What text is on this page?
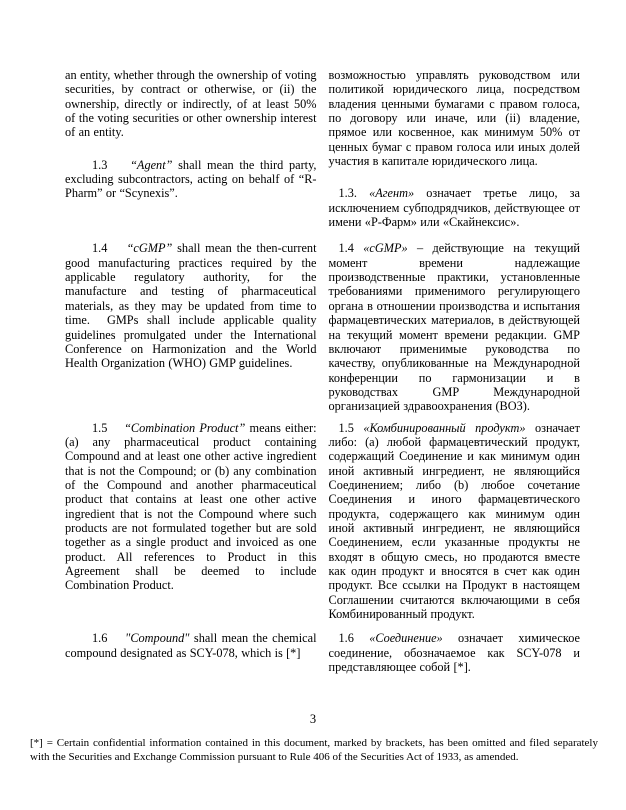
an entity, whether through the ownership of voting securities, by contract or otherwise, or (ii) the ownership, directly or indirectly, of at least 50% of the voting securities or other ownership interest of an entity.

1.3    “Agent” shall mean the third party, excluding subcontractors, acting on behalf of “R-Pharm” or “Scynexis”.

возможностью управлять руководством или политикой юридического лица, посредством владения ценными бумагами с правом голоса, по договору или иначе, или (ii) владение, прямое или косвенное, как минимум 50% от ценных бумаг с правом голоса или иных долей участия в капитале юридического лица.

1.3. «Агент» означает третье лицо, за исключением субподрядчиков, действующее от имени «Р-Фарм» или «Скайнексис».

1.4    “cGMP” shall mean the then-current good manufacturing practices required by the applicable regulatory authority, for the manufacture and testing of pharmaceutical materials, as they may be updated from time to time.  GMPs shall include applicable quality guidelines promulgated under the International Conference on Harmonization and the World Health Organization (WHO) GMP guidelines.

1.4 «cGMP» – действующие на текущий момент времени надлежащие производственные практики, установленные требованиями применимого регулирующего органа в отношении производства и испытания фармацевтических материалов, в действующей на текущий момент времени редакции. GMP включают применимые руководства по качеству, опубликованные на Международной конференции по гармонизации и в руководствах GMP Международной организацией здравоохранения (ВОЗ).

1.5    “Combination Product” means either: (a) any pharmaceutical product containing Compound and at least one other active ingredient that is not the Compound; or (b) any combination of the Compound and another pharmaceutical product that contains at least one other active ingredient that is not the Compound where such products are not formulated together but are sold together as a single product and invoiced as one product. All references to Product in this Agreement shall be deemed to include Combination Product.

1.5 «Комбинированный продукт» означает либо: (а) любой фармацевтический продукт, содержащий Соединение и как минимум один иной активный ингредиент, не являющийся Соединением; либо (b) любое сочетание Соединения и иного фармацевтического продукта, содержащего как минимум один иной активный ингредиент, не являющийся Соединением, если указанные продукты не входят в общую смесь, но продаются вместе как один продукт и вносятся в счет как один продукт. Все ссылки на Продукт в настоящем Соглашении считаются включающими в себя Комбинированный продукт.

1.6    "Compound" shall mean the chemical compound designated as SCY-078, which is [*]

1.6 «Соединение» означает химическое соединение, обозначаемое как SCY-078 и представляющее собой [*].

3
[*] = Certain confidential information contained in this document, marked by brackets, has been omitted and filed separately with the Securities and Exchange Commission pursuant to Rule 406 of the Securities Act of 1933, as amended.
